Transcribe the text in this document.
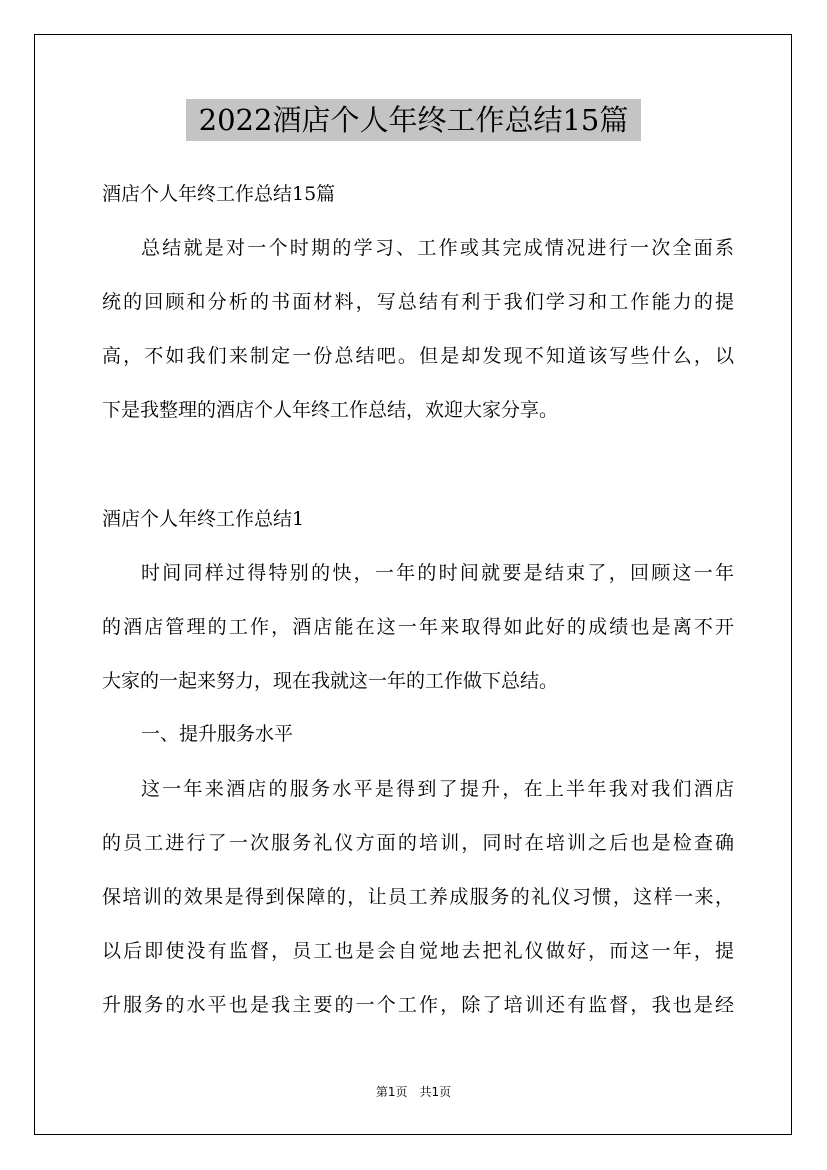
2022酒店个人年终工作总结15篇
酒店个人年终工作总结15篇
总结就是对一个时期的学习、工作或其完成情况进行一次全面系
统的回顾和分析的书面材料，写总结有利于我们学习和工作能力的提
高，不如我们来制定一份总结吧。但是却发现不知道该写些什么，以
下是我整理的酒店个人年终工作总结，欢迎大家分享。
酒店个人年终工作总结1
时间同样过得特别的快，一年的时间就要是结束了，回顾这一年
的酒店管理的工作，酒店能在这一年来取得如此好的成绩也是离不开
大家的一起来努力，现在我就这一年的工作做下总结。
一、提升服务水平
这一年来酒店的服务水平是得到了提升，在上半年我对我们酒店
的员工进行了一次服务礼仪方面的培训，同时在培训之后也是检查确
保培训的效果是得到保障的，让员工养成服务的礼仪习惯，这样一来，
以后即使没有监督，员工也是会自觉地去把礼仪做好，而这一年，提
升服务的水平也是我主要的一个工作，除了培训还有监督，我也是经
第1页　共1页
